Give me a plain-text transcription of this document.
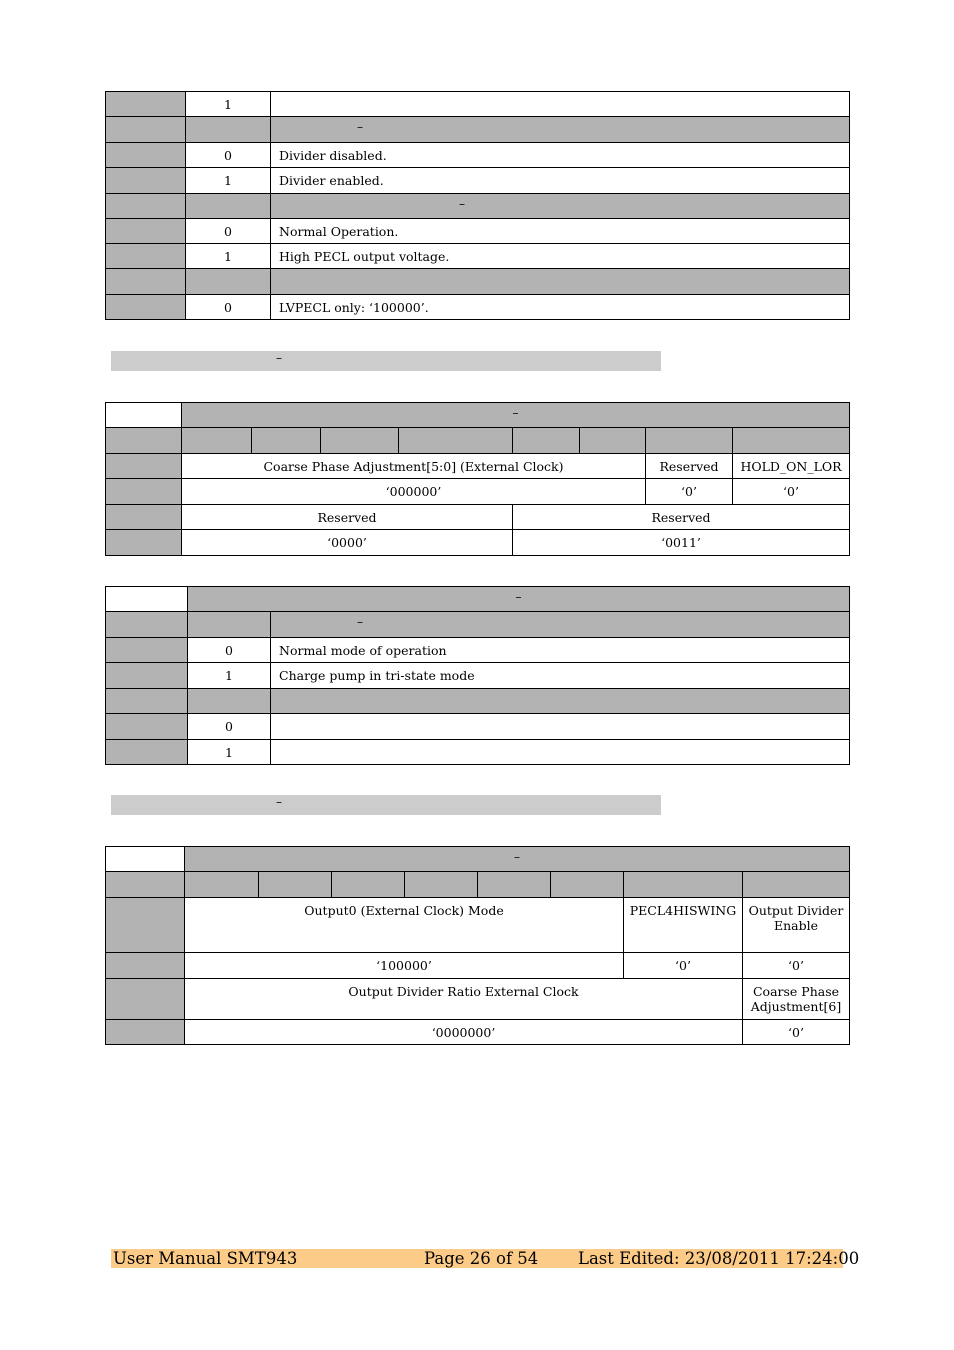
	1	
		–
	0	Divider disabled.
	1	Divider enabled.
		–
	0	Normal Operation.
	1	High PECL output voltage.

	0	LVPECL only: ‘100000’.
–
	–							

	Coarse Phase Adjustment[5:0] (External Clock)						Reserved	HOLD_ON_LOR
	‘000000’						‘0’	‘0’
	Reserved				Reserved			
	‘0000’				‘0011’			
	–	
		–
	0	Normal mode of operation
	1	Charge pump in tri-state mode

	0	
	1	
–
	–							

	Output0 (External Clock) Mode						PECL4HISWING	Output Divider Enable
	‘100000’						‘0’	‘0’
	Output Divider Ratio External Clock							Coarse Phase Adjustment[6]
	‘0000000’							‘0’
User Manual SMT943	Page 26 of 54 Last Edited: 23/08/2011 17:24:00
